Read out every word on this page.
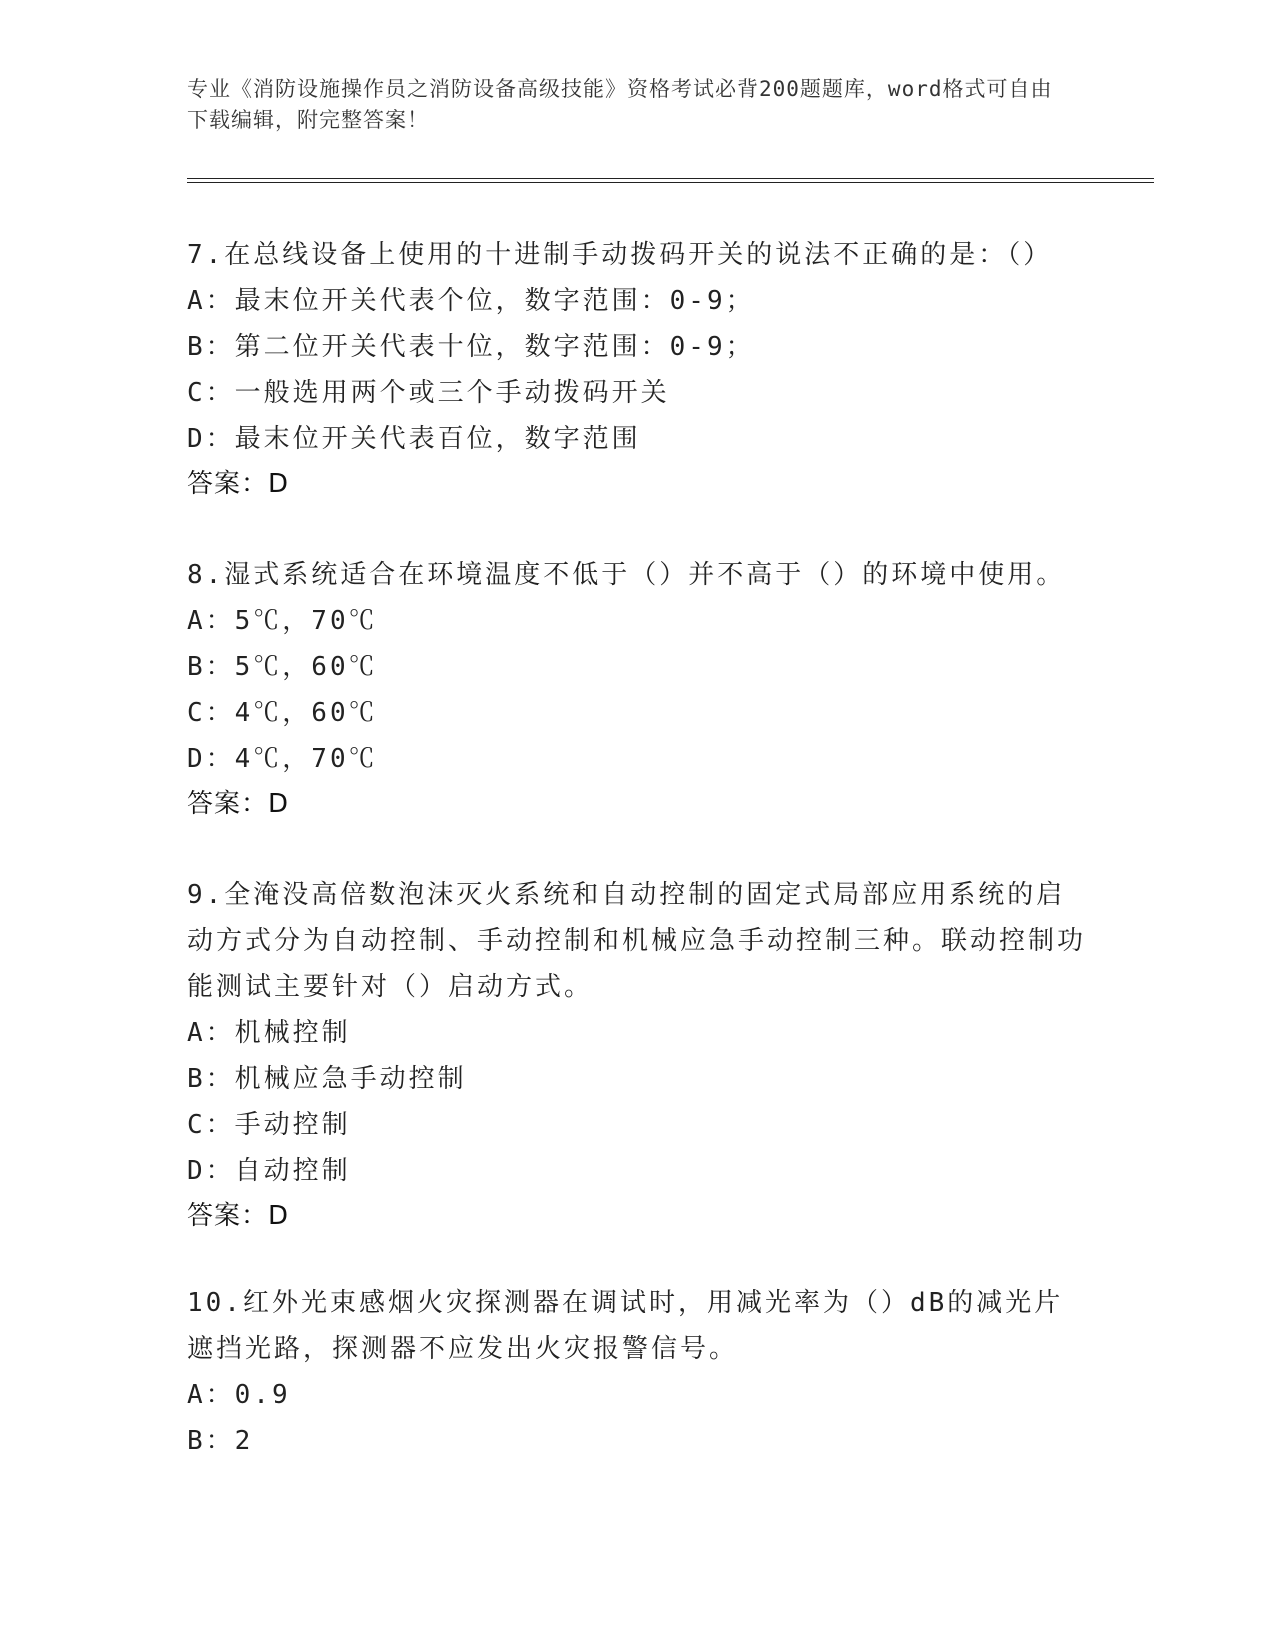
专业《消防设施操作员之消防设备高级技能》资格考试必背200题题库，word格式可自由下载编辑，附完整答案！
7.在总线设备上使用的十进制手动拨码开关的说法不正确的是：（）
A：最末位开关代表个位，数字范围：0-9；
B：第二位开关代表十位，数字范围：0-9；
C：一般选用两个或三个手动拨码开关
D：最末位开关代表百位，数字范围
答案：D
8.湿式系统适合在环境温度不低于（）并不高于（）的环境中使用。
A：5℃，70℃
B：5℃，60℃
C：4℃，60℃
D：4℃，70℃
答案：D
9.全淹没高倍数泡沫灭火系统和自动控制的固定式局部应用系统的启动方式分为自动控制、手动控制和机械应急手动控制三种。联动控制功能测试主要针对（）启动方式。
A：机械控制
B：机械应急手动控制
C：手动控制
D：自动控制
答案：D
10.红外光束感烟火灾探测器在调试时，用减光率为（）dB的减光片遮挡光路，探测器不应发出火灾报警信号。
A：0.9
B：2
